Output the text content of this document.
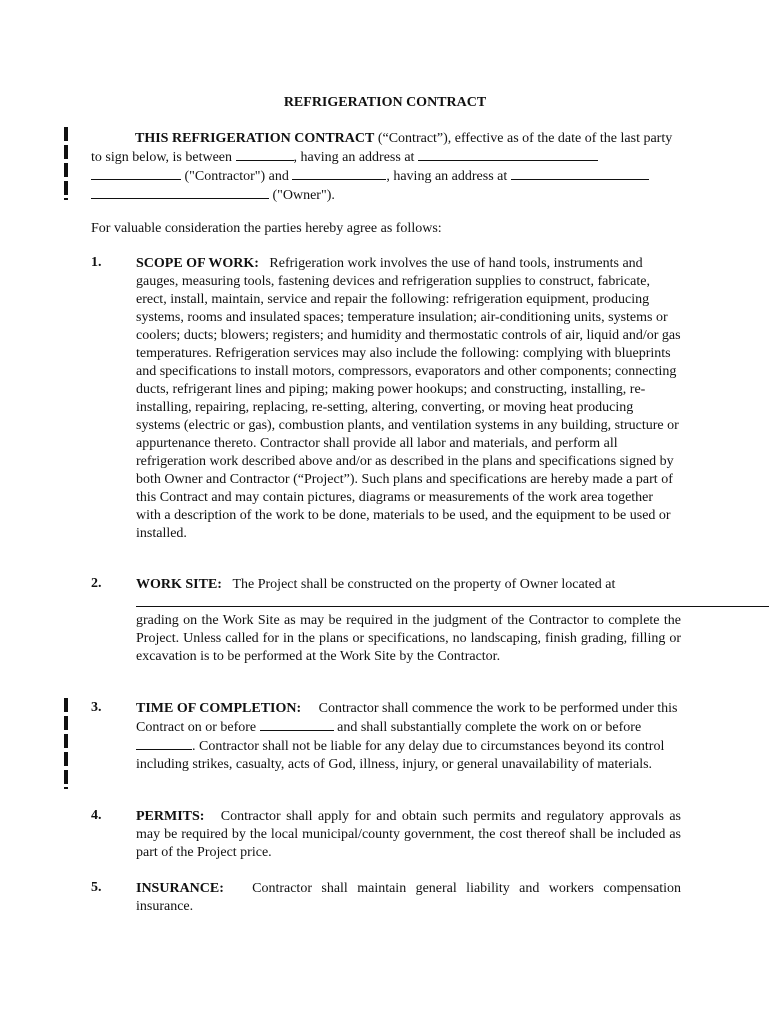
REFRIGERATION CONTRACT
THIS REFRIGERATION CONTRACT (“Contract”), effective as of the date of the last party to sign below, is between	, having an address at  ("Contractor") and	, having an address at
("Owner").
For valuable consideration the parties hereby agree as follows:
1. SCOPE OF WORK: Refrigeration work involves the use of hand tools, instruments and gauges, measuring tools, fastening devices and refrigeration supplies to construct, fabricate, erect, install, maintain, service and repair the following: refrigeration equipment, producing systems, rooms and insulated spaces; temperature insulation; air-conditioning units, systems or coolers; ducts; blowers; registers; and humidity and thermostatic controls of air, liquid and/or gas temperatures. Refrigeration services may also include the following: complying with blueprints and specifications to install motors, compressors, evaporators and other components; connecting ducts, refrigerant lines and piping; making power hookups; and constructing, installing, re-installing, repairing, replacing, re-setting, altering, converting, or moving heat producing systems (electric or gas), combustion plants, and ventilation systems in any building, structure or appurtenance thereto. Contractor shall provide all labor and materials, and perform all refrigeration work described above and/or as described in the plans and specifications signed by both Owner and Contractor (“Project”). Such plans and specifications are hereby made a part of this Contract and may contain pictures, diagrams or measurements of the work area together with a description of the work to be done, materials to be used, and the equipment to be used or installed.
2. WORK SITE: The Project shall be constructed on the property of Owner located at
grading on the Work Site as may be required in the judgment of the Contractor to complete the Project. Unless called for in the plans or specifications, no landscaping, finish grading, filling or excavation is to be performed at the Work Site by the Contractor.
3. TIME OF COMPLETION: Contractor shall commence the work to be performed under this Contract on or before	and shall substantially complete the work on or before . Contractor shall not be liable for any delay due to circumstances beyond its control including strikes, casualty, acts of God, illness, injury, or general unavailability of materials.
4. PERMITS: Contractor shall apply for and obtain such permits and regulatory approvals as may be required by the local municipal/county government, the cost thereof shall be included as part of the Project price.
5. INSURANCE: Contractor shall maintain general liability and workers compensation insurance.
